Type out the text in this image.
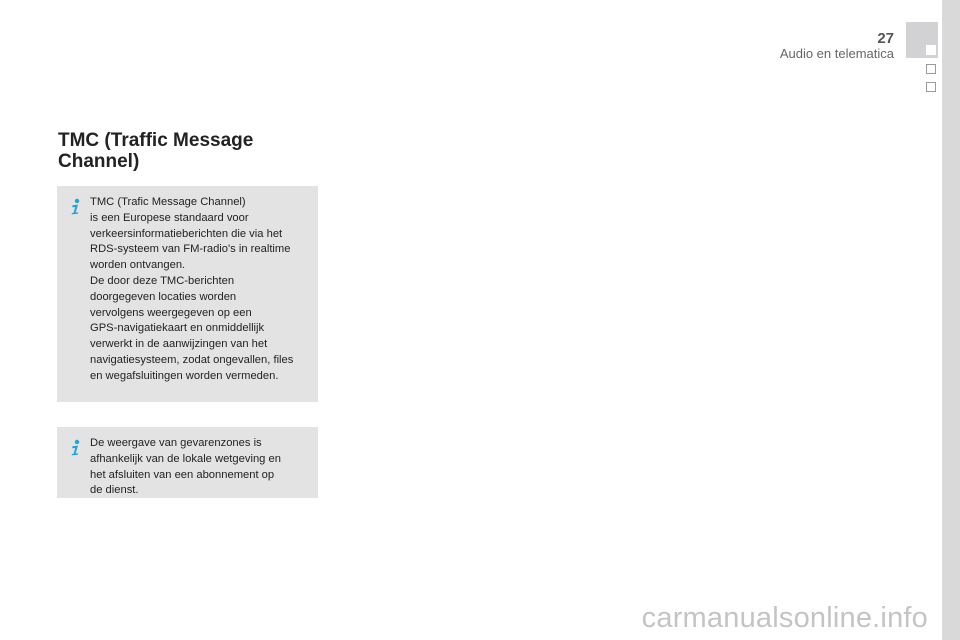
27
Audio en telematica
TMC (Traffic Message
Channel)
TMC (Trafic Message Channel)
is een Europese standaard voor
verkeersinformatieberichten die via het
RDS-systeem van FM-radio's in realtime
worden ontvangen.
De door deze TMC-berichten
doorgegeven locaties worden
vervolgens weergegeven op een
GPS-navigatiekaart en onmiddellijk
verwerkt in de aanwijzingen van het
navigatiesysteem, zodat ongevallen, files
en wegafsluitingen worden vermeden.
De weergave van gevarenzones is
afhankelijk van de lokale wetgeving en
het afsluiten van een abonnement op
de dienst.
carmanualsonline.info
